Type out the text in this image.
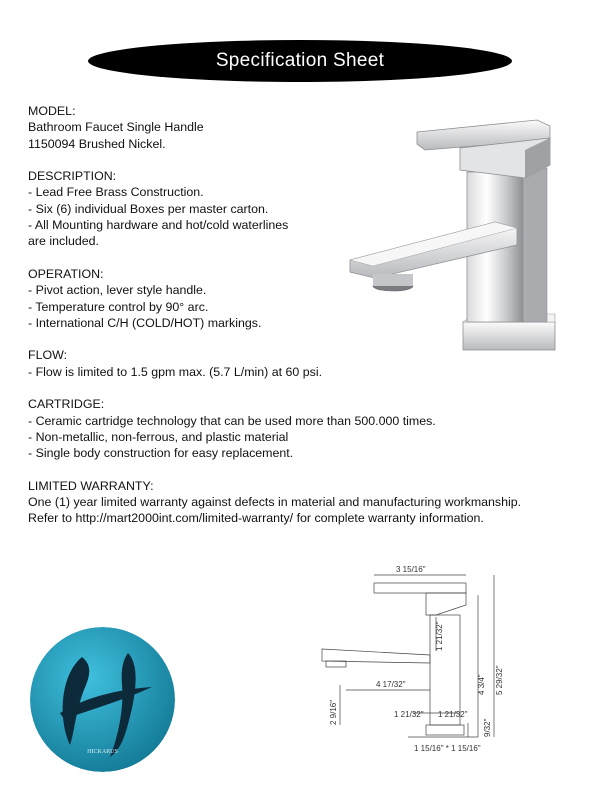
Specification Sheet
MODEL:
Bathroom Faucet Single Handle
1150094 Brushed Nickel.
DESCRIPTION:
- Lead Free Brass Construction.
- Six (6) individual Boxes per master carton.
- All Mounting hardware and hot/cold waterlines
are included.
OPERATION:
- Pivot action, lever style handle.
- Temperature control by 90° arc.
- International C/H (COLD/HOT) markings.
FLOW:
- Flow is limited to 1.5 gpm max. (5.7 L/min) at 60 psi.
CARTRIDGE:
- Ceramic cartridge technology that can be used more than 500.000 times.
- Non-metallic, non-ferrous, and plastic material
- Single body construction for easy replacement.
LIMITED WARRANTY:
One (1) year limited warranty against defects in material and manufacturing workmanship.
Refer to http://mart2000int.com/limited-warranty/ for complete warranty information.
3 15/16"
1 21/32"
4 17/32"
2 9/16"
4 3/4" 5 29/32"
1 21/32" 1 21/32"
9/32"
1 15/16" * 1 15/16"
HICKARUS
